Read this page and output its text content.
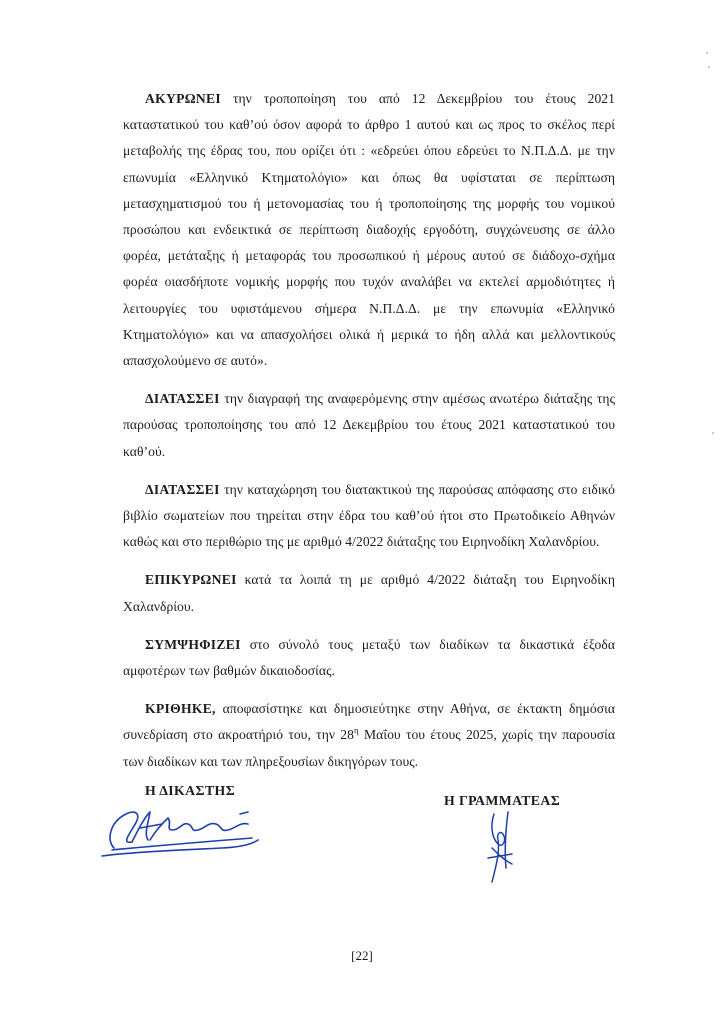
ΑΚΥΡΩΝΕΙ την τροποποίηση του από 12 Δεκεμβρίου του έτους 2021 καταστατικού του καθ’ού όσον αφορά το άρθρο 1 αυτού και ως προς το σκέλος περί μεταβολής της έδρας του, που ορίζει ότι : «εδρεύει όπου εδρεύει το Ν.Π.Δ.Δ. με την επωνυμία «Ελληνικό Κτηματολόγιο» και όπως θα υφίσταται σε περίπτωση μετασχηματισμού του ή μετονομασίας του ή τροποποίησης της μορφής του νομικού προσώπου και ενδεικτικά σε περίπτωση διαδοχής εργοδότη, συγχώνευσης σε άλλο φορέα, μετάταξης ή μεταφοράς του προσωπικού ή μέρους αυτού σε διάδοχο-σχήμα φορέα οιασδήποτε νομικής μορφής που τυχόν αναλάβει να εκτελεί αρμοδιότητες ή λειτουργίες του υφιστάμενου σήμερα Ν.Π.Δ.Δ. με την επωνυμία «Ελληνικό Κτηματολόγιο» και να απασχολήσει ολικά ή μερικά το ήδη αλλά και μελλοντικούς απασχολούμενο σε αυτό».

ΔΙΑΤΑΣΣΕΙ την διαγραφή της αναφερόμενης στην αμέσως ανωτέρω διάταξης της παρούσας τροποποίησης του από 12 Δεκεμβρίου του έτους 2021 καταστατικού του καθ’ού.

ΔΙΑΤΑΣΣΕΙ την καταχώρηση του διατακτικού της παρούσας απόφασης στο ειδικό βιβλίο σωματείων που τηρείται στην έδρα του καθ’ού ήτοι στο Πρωτοδικείο Αθηνών καθώς και στο περιθώριο της με αριθμό 4/2022 διάταξης του Ειρηνοδίκη Χαλανδρίου.

ΕΠΙΚΥΡΩΝΕΙ κατά τα λοιπά τη με αριθμό 4/2022 διάταξη του Ειρηνοδίκη Χαλανδρίου.

ΣΥΜΨΗΦΙΖΕΙ στο σύνολό τους μεταξύ των διαδίκων τα δικαστικά έξοδα αμφοτέρων των βαθμών δικαιοδοσίας.

ΚΡΙΘΗΚΕ, αποφασίστηκε και δημοσιεύτηκε στην Αθήνα, σε έκτακτη δημόσια συνεδρίαση στο ακροατήριό του, την $28^\eta$ Μαΐου του έτους 2025, χωρίς την παρουσία των διαδίκων και των πληρεξουσίων δικηγόρων τους.

Η ΔΙΚΑΣΤΗΣ
Η ΓΡΑΜΜΑΤΕΑΣ
[22]
